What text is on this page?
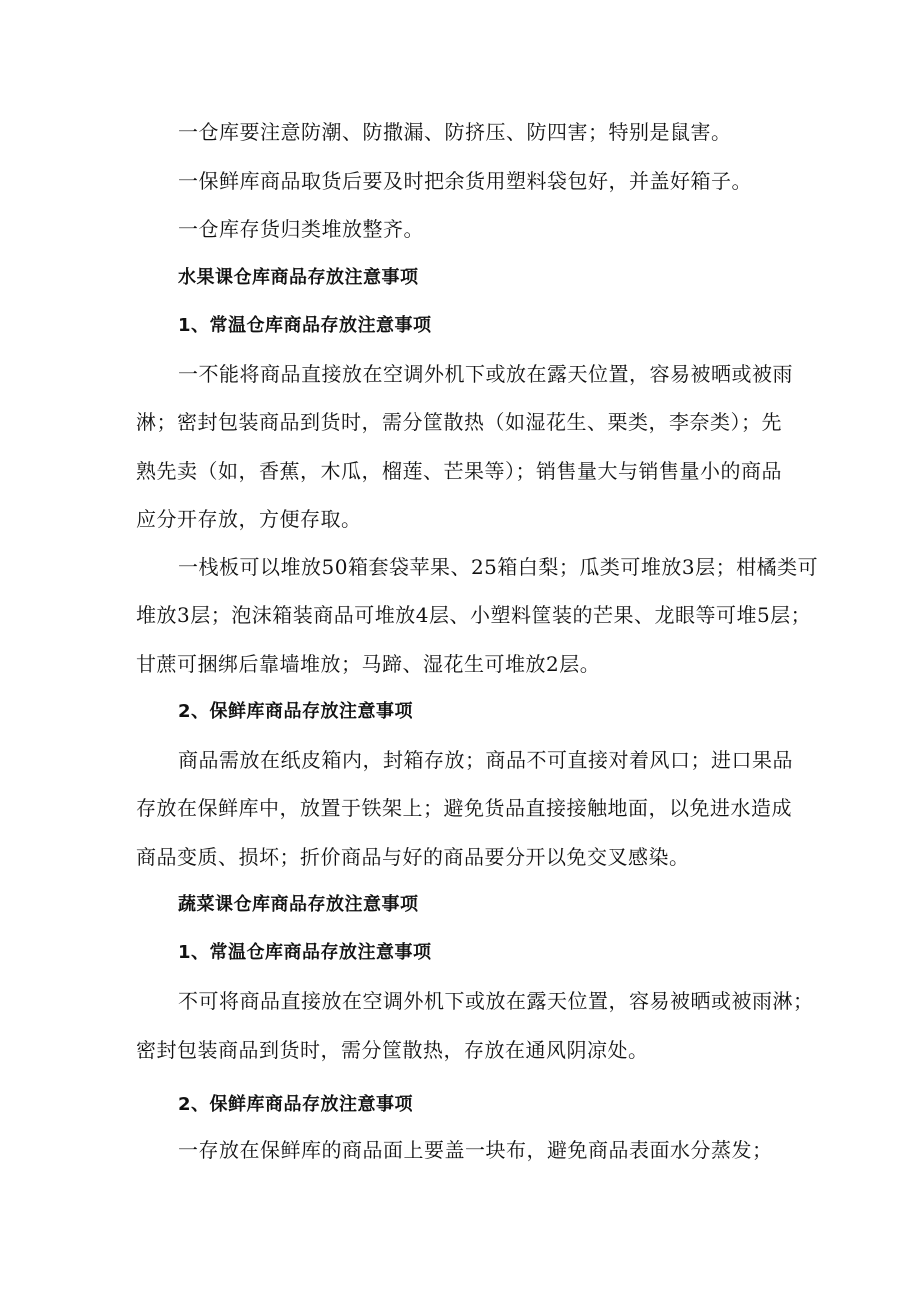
一仓库要注意防潮、防撒漏、防挤压、防四害；特别是鼠害。
一保鲜库商品取货后要及时把余货用塑料袋包好，并盖好箱子。
一仓库存货归类堆放整齐。
水果课仓库商品存放注意事项
1、常温仓库商品存放注意事项
一不能将商品直接放在空调外机下或放在露天位置，容易被晒或被雨
淋；密封包装商品到货时，需分筐散热（如湿花生、栗类，李奈类）；先
熟先卖（如，香蕉，木瓜，榴莲、芒果等）；销售量大与销售量小的商品
应分开存放，方便存取。
一栈板可以堆放50箱套袋苹果、25箱白梨；瓜类可堆放3层；柑橘类可
堆放3层；泡沫箱装商品可堆放4层、小塑料筐装的芒果、龙眼等可堆5层；
甘蔗可捆绑后靠墙堆放；马蹄、湿花生可堆放2层。
2、保鲜库商品存放注意事项
商品需放在纸皮箱内，封箱存放；商品不可直接对着风口；进口果品
存放在保鲜库中，放置于铁架上；避免货品直接接触地面，以免进水造成
商品变质、损坏；折价商品与好的商品要分开以免交叉感染。
蔬菜课仓库商品存放注意事项
1、常温仓库商品存放注意事项
不可将商品直接放在空调外机下或放在露天位置，容易被晒或被雨淋；
密封包装商品到货时，需分筐散热，存放在通风阴凉处。
2、保鲜库商品存放注意事项
一存放在保鲜库的商品面上要盖一块布，避免商品表面水分蒸发；
